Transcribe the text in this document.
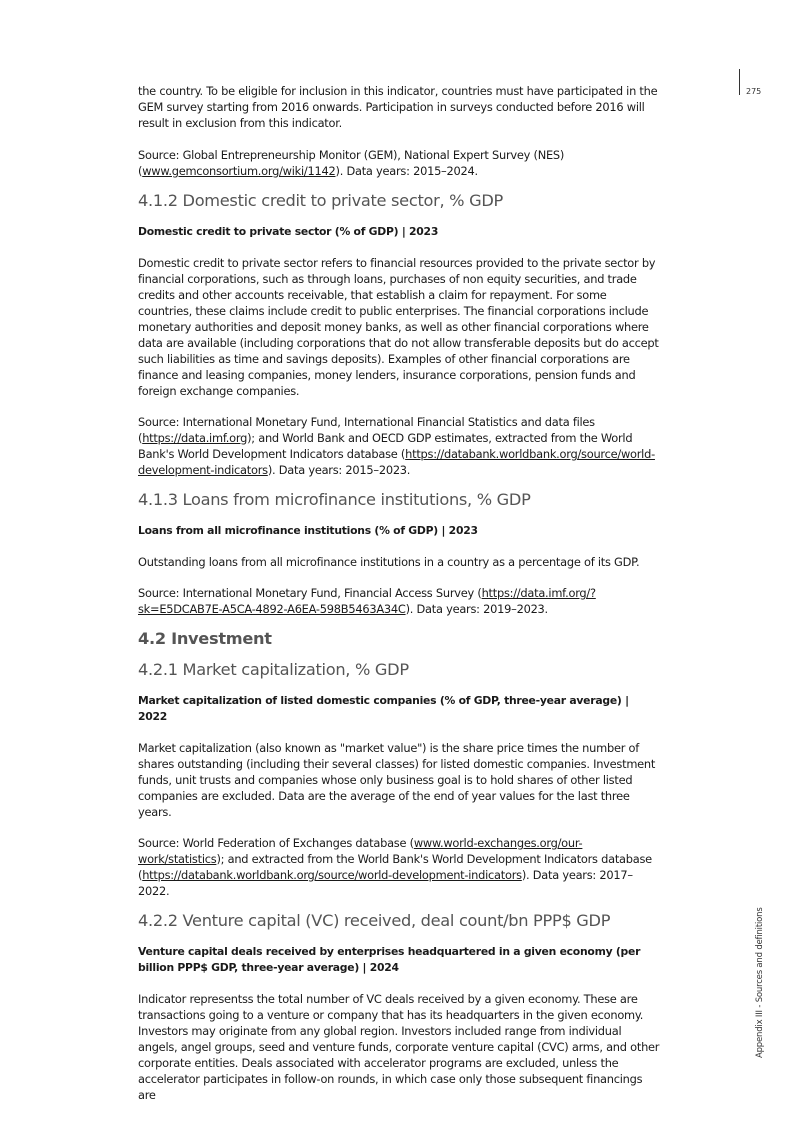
275
Appendix III - Sources and definitions

the country. To be eligible for inclusion in this indicator, countries must have participated in the GEM survey starting from 2016 onwards. Participation in surveys conducted before 2016 will result in exclusion from this indicator.

Source: Global Entrepreneurship Monitor (GEM), National Expert Survey (NES) (www.gemconsortium.org/wiki/1142). Data years: 2015–2024.

4.1.2 Domestic credit to private sector, % GDP

Domestic credit to private sector (% of GDP) | 2023

Domestic credit to private sector refers to financial resources provided to the private sector by financial corporations, such as through loans, purchases of non equity securities, and trade credits and other accounts receivable, that establish a claim for repayment. For some countries, these claims include credit to public enterprises. The financial corporations include monetary authorities and deposit money banks, as well as other financial corporations where data are available (including corporations that do not allow transferable deposits but do accept such liabilities as time and savings deposits). Examples of other financial corporations are finance and leasing companies, money lenders, insurance corporations, pension funds and foreign exchange companies.

Source: International Monetary Fund, International Financial Statistics and data files (https://data.imf.org); and World Bank and OECD GDP estimates, extracted from the World Bank's World Development Indicators database (https://databank.worldbank.org/source/world-development-indicators). Data years: 2015–2023.

4.1.3 Loans from microfinance institutions, % GDP

Loans from all microfinance institutions (% of GDP) | 2023

Outstanding loans from all microfinance institutions in a country as a percentage of its GDP.

Source: International Monetary Fund, Financial Access Survey (https://data.imf.org/?sk=E5DCAB7E-A5CA-4892-A6EA-598B5463A34C). Data years: 2019–2023.

4.2 Investment
4.2.1 Market capitalization, % GDP

Market capitalization of listed domestic companies (% of GDP, three-year average) | 2022

Market capitalization (also known as "market value") is the share price times the number of shares outstanding (including their several classes) for listed domestic companies. Investment funds, unit trusts and companies whose only business goal is to hold shares of other listed companies are excluded. Data are the average of the end of year values for the last three years.

Source: World Federation of Exchanges database (www.world-exchanges.org/our-work/statistics); and extracted from the World Bank's World Development Indicators database (https://databank.worldbank.org/source/world-development-indicators). Data years: 2017–2022.

4.2.2 Venture capital (VC) received, deal count/bn PPP$ GDP

Venture capital deals received by enterprises headquartered in a given economy (per billion PPP$ GDP, three-year average) | 2024

Indicator representss the total number of VC deals received by a given economy. These are transactions going to a venture or company that has its headquarters in the given economy. Investors may originate from any global region. Investors included range from individual angels, angel groups, seed and venture funds, corporate venture capital (CVC) arms, and other corporate entities. Deals associated with accelerator programs are excluded, unless the accelerator participates in follow-on rounds, in which case only those subsequent financings are
